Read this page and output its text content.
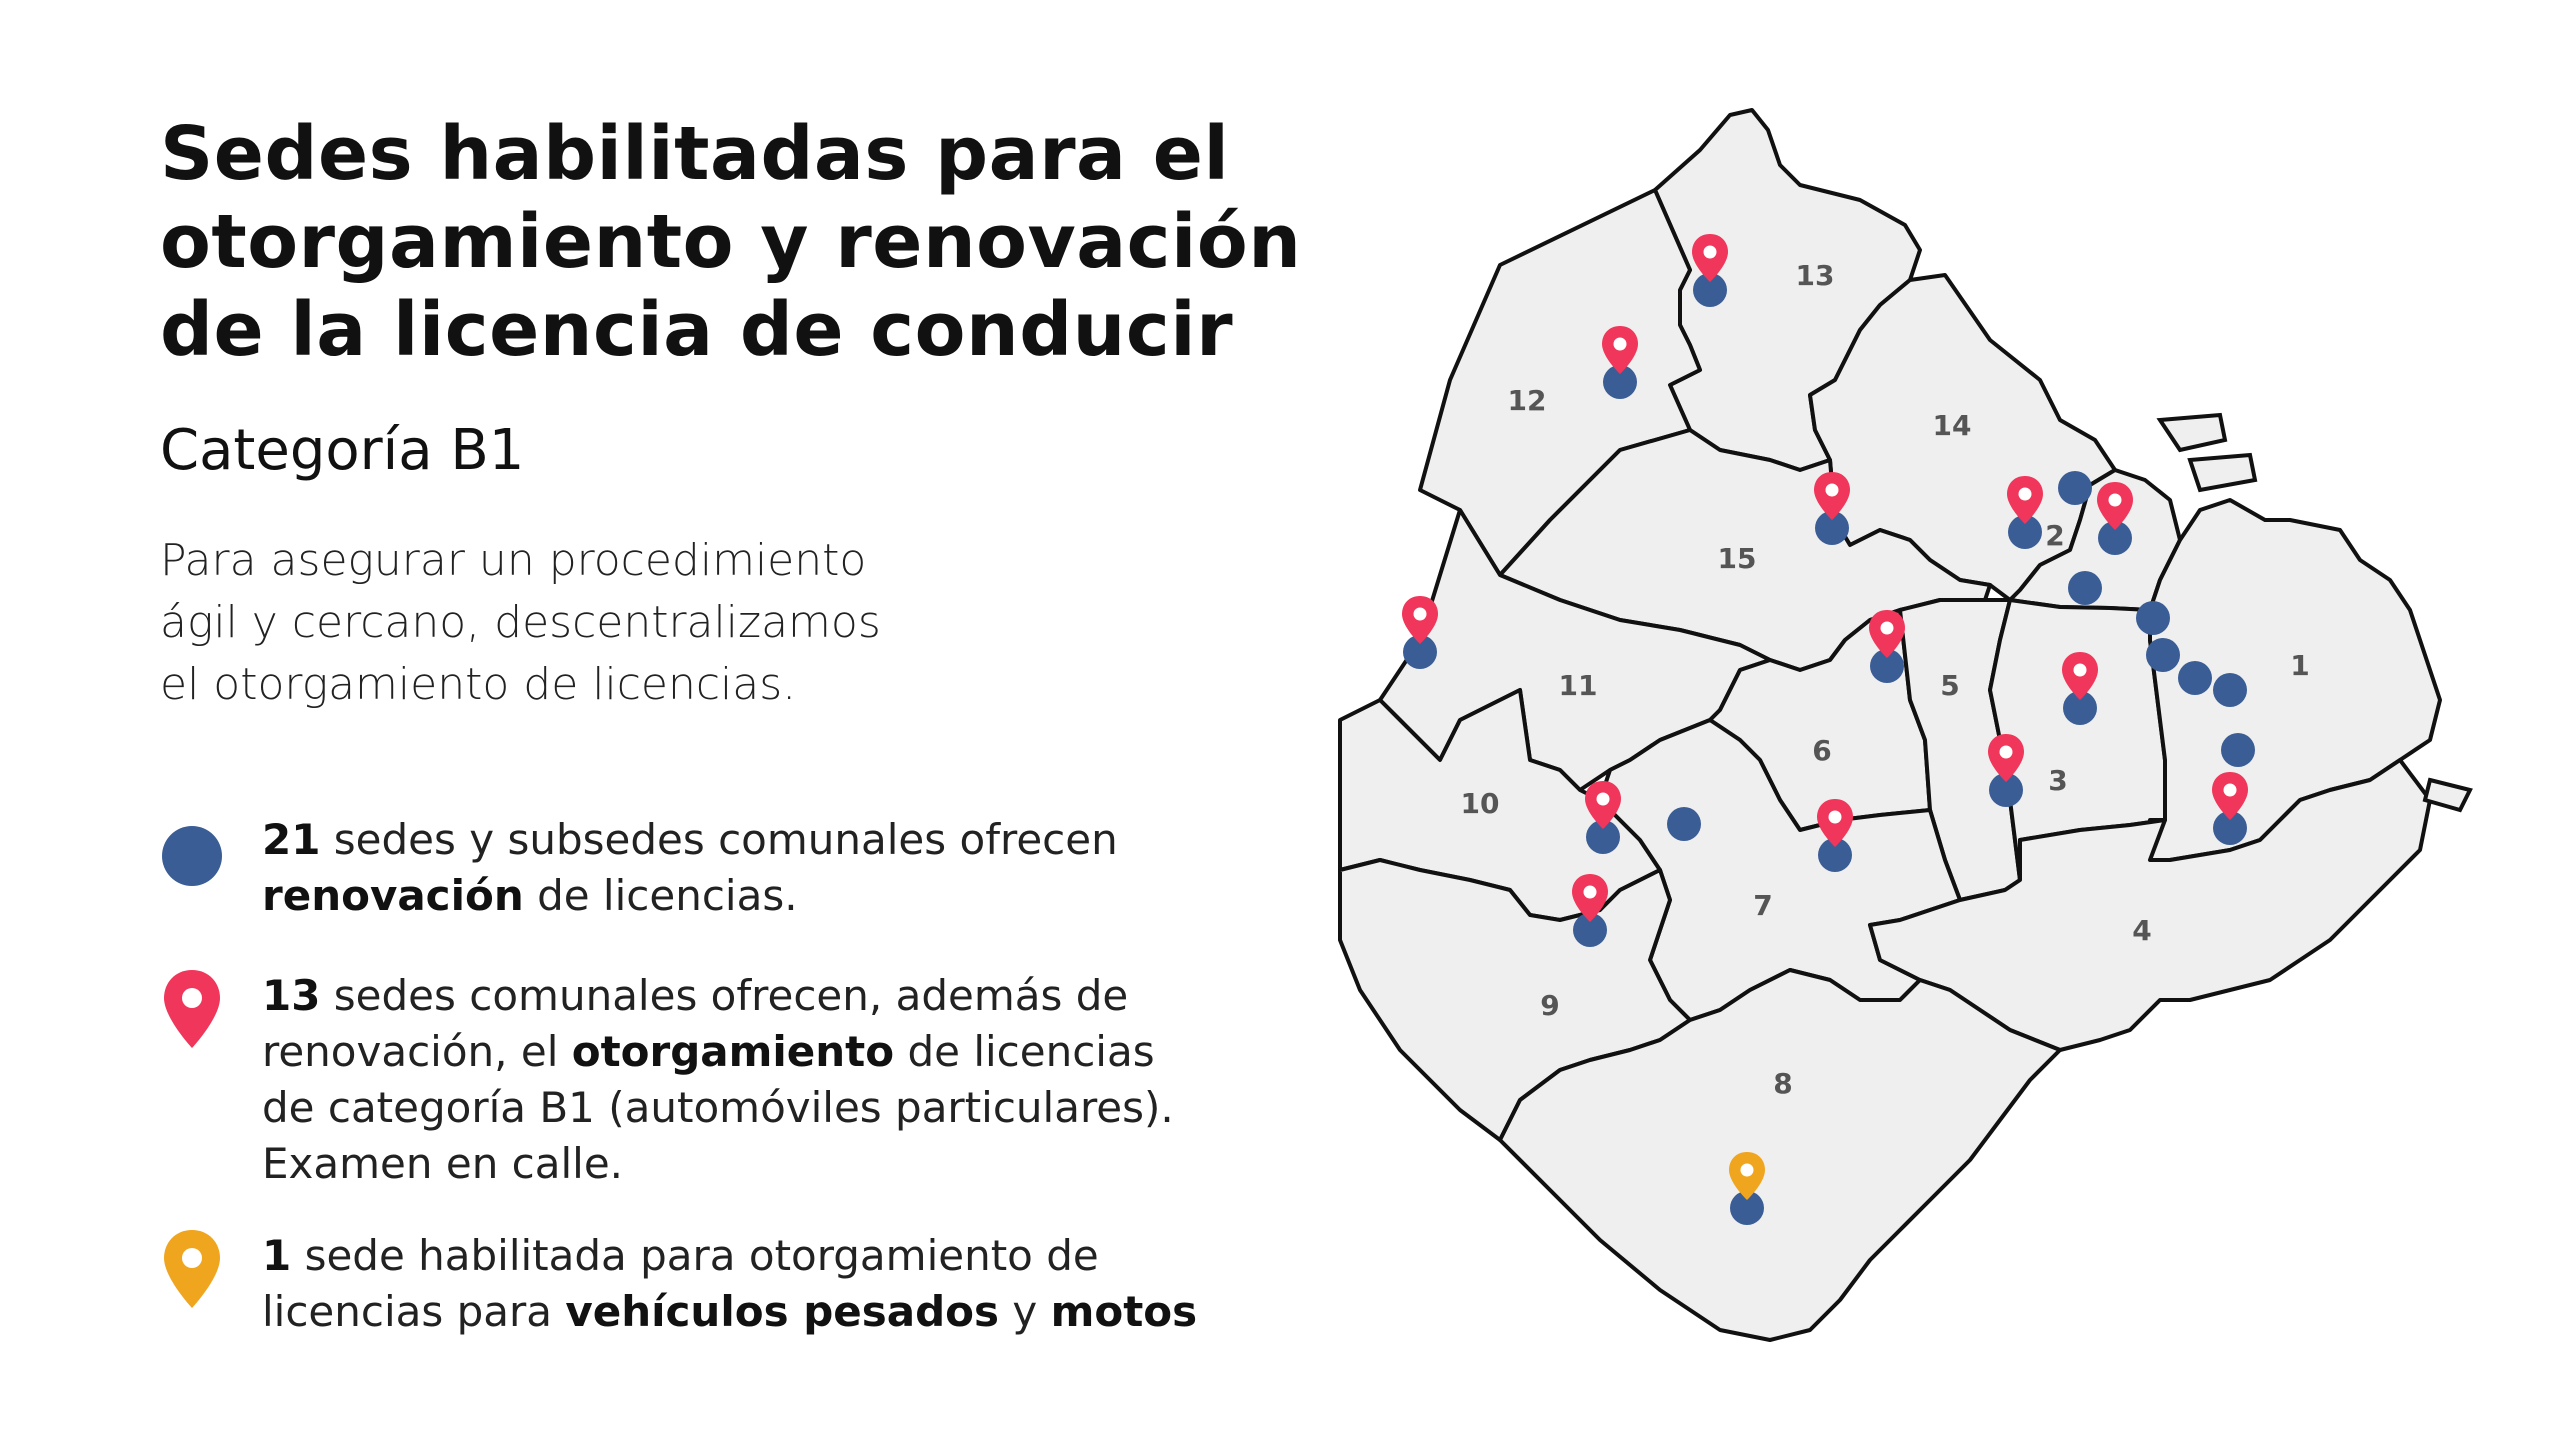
Sedes habilitadas para el
otorgamiento y renovación
de la licencia de conducir
Categoría B1
Para asegurar un procedimiento
ágil y cercano, descentralizamos
el otorgamiento de licencias.
21 sedes y subsedes comunales ofrecen
renovación de licencias.
13 sedes comunales ofrecen, además de
renovación, el otorgamiento de licencias
de categoría B1 (automóviles particulares).
Examen en calle.
1 sede habilitada para otorgamiento de
licencias para vehículos pesados y motos
1
2
3
4
5
6
7
8
9
10
11
12
13
14
15
